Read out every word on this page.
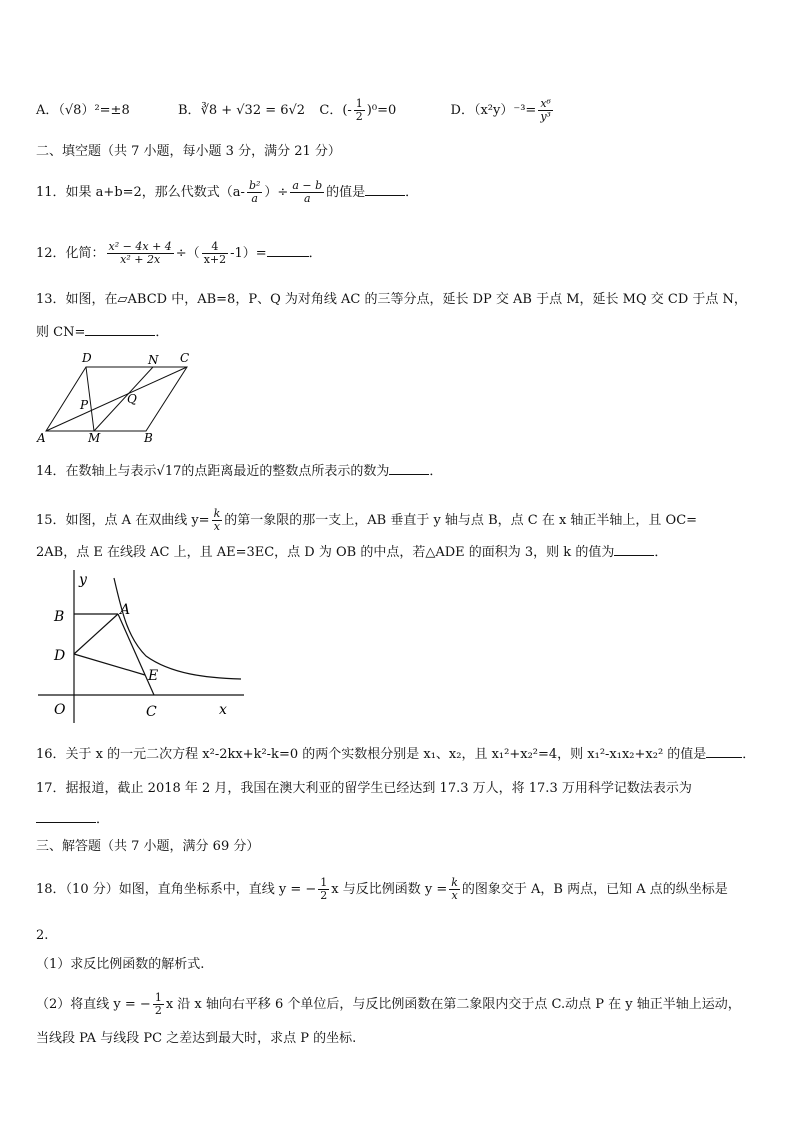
A．（√8）²=±8	B．∛8 + √32 = 6√2 C．(- $\frac{1}{2} )^0=0$	D．$(x^2y)^{-3}= \frac{\text{x⁶}}{\text{y³}}$
二、填空题（共 7 小题，每小题 3 分，满分 21 分）
11．如果 a+b=2，那么代数式（$a- \frac{\text{b²}}{a}$ ）÷ $\frac{a - b}{a}$ 的值是	．
12．化简： $\frac{\text{x² − 4x + 4}}{\text{x² + 2x}}$ ÷（ $\frac{4}{x+2} -1)=$	．
13．如图，在▱ABCD 中，AB=8，P、Q 为对角线 AC 的三等分点，延长 DP 交 AB 于点 M，延长 MQ 交 CD 于点 N，
则 CN=	．
D	N C
P	Q
A	M	B
14．在数轴上与表示√17的点距离最近的整数点所表示的数为	．
15．如图，点 A 在双曲线 $y= \frac{k}{x}$ 的第一象限的那一支上，AB 垂直于 y 轴与点 B，点 C 在 x 轴正半轴上，且 OC=
2AB，点 E 在线段 AC 上，且 AE=3EC，点 D 为 OB 的中点，若△ADE 的面积为 3，则 k 的值为	．
y
B	A
D
E
O	C	x
16．关于 x 的一元二次方程 x²-2kx+k²-k=0 的两个实数根分别是 x₁、x₂，且 x₁²+x₂²=4，则 x₁²-x₁x₂+x₂² 的值是	．
17．据报道，截止 2018 年 2 月，我国在澳大利亚的留学生已经达到 17.3 万人，将 17.3 万用科学记数法表示为
．
三、解答题（共 7 小题，满分 69 分）
18．（10 分）如图，直角坐标系中，直线 y = − $\frac{1}{2}$ x 与反比例函数 $y = \frac{k}{x}$ 的图象交于 A，B 两点，已知 A 点的纵坐标是
2.
（1）求反比例函数的解析式.
（2）将直线 y = − $\frac{1}{2}$ x 沿 x 轴向右平移 6 个单位后，与反比例函数在第二象限内交于点 C.动点 P 在 y 轴正半轴上运动，
当线段 PA 与线段 PC 之差达到最大时，求点 P 的坐标.
